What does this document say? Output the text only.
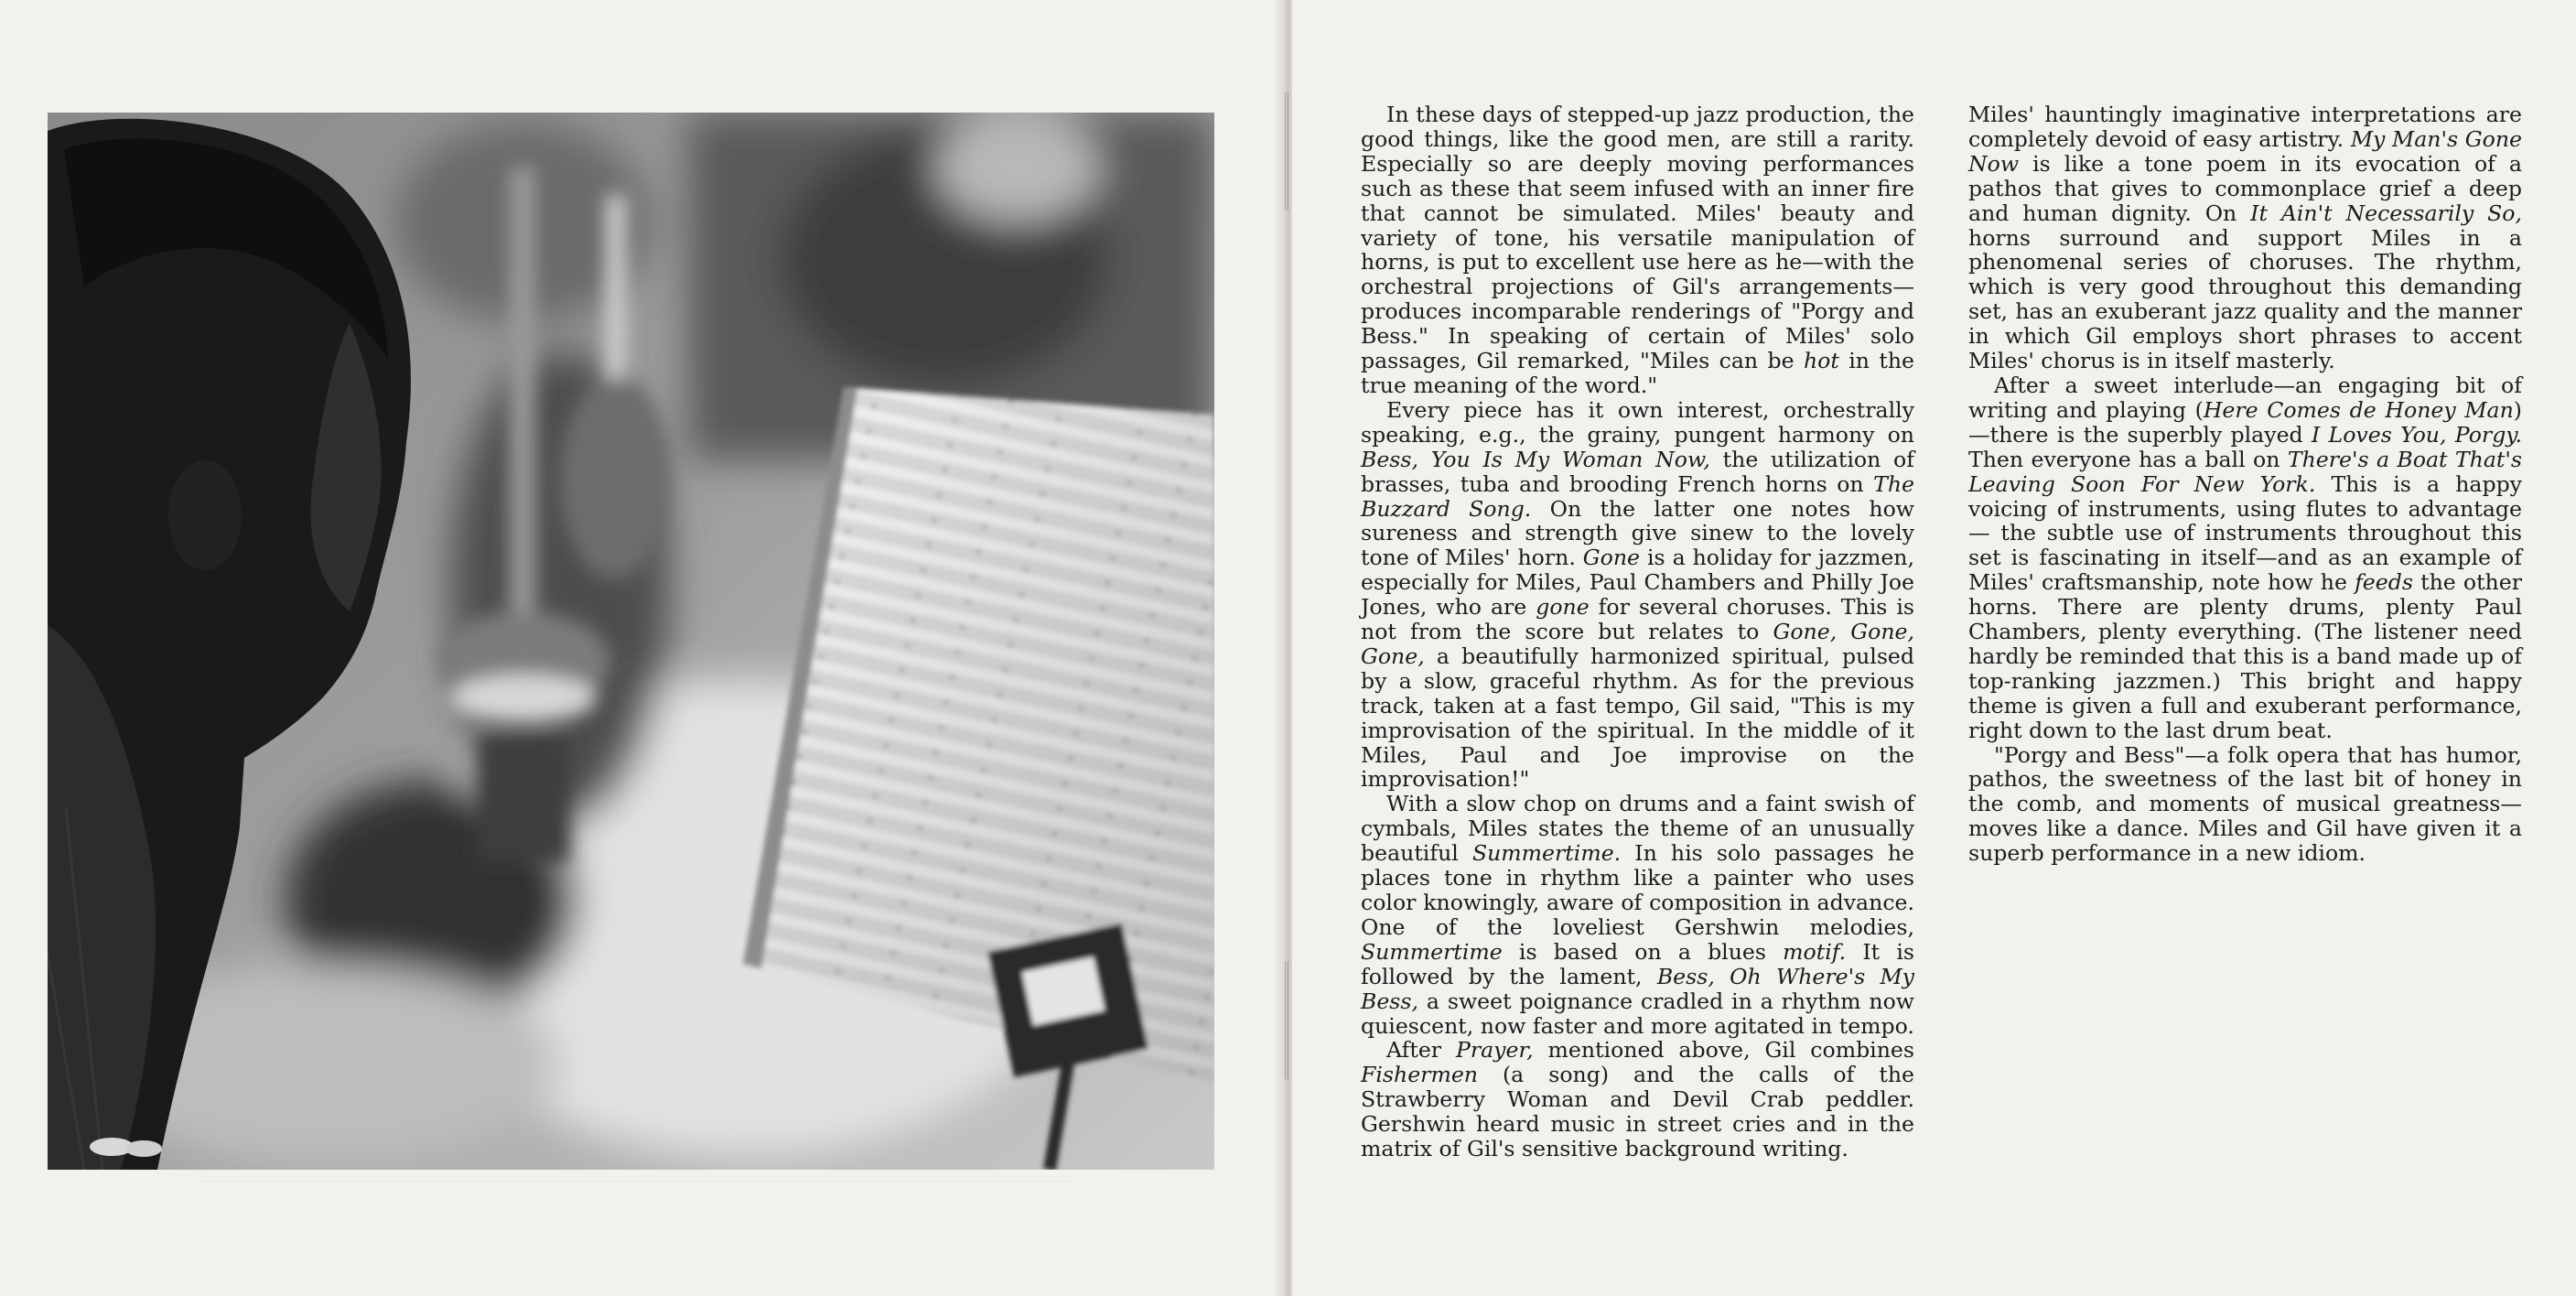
In these days of stepped-up jazz production, the good things, like the good men, are still a rarity. Especially so are deeply moving performances such as these that seem infused with an inner fire that cannot be simulated. Miles' beauty and variety of tone, his versatile manipulation of horns, is put to excellent use here as he—with the orchestral projections of Gil's arrangements—produces incomparable renderings of "Porgy and Bess." In speaking of certain of Miles' solo passages, Gil remarked, "Miles can be hot in the true meaning of the word."

Every piece has it own interest, orchestrally speaking, e.g., the grainy, pungent harmony on Bess, You Is My Woman Now, the utilization of brasses, tuba and brooding French horns on The Buzzard Song. On the latter one notes how sureness and strength give sinew to the lovely tone of Miles' horn. Gone is a holiday for jazzmen, especially for Miles, Paul Chambers and Philly Joe Jones, who are gone for several choruses. This is not from the score but relates to Gone, Gone, Gone, a beautifully harmonized spiritual, pulsed by a slow, graceful rhythm. As for the previous track, taken at a fast tempo, Gil said, "This is my improvisation of the spiritual. In the middle of it Miles, Paul and Joe improvise on the improvisation!"

With a slow chop on drums and a faint swish of cymbals, Miles states the theme of an unusually beautiful Summertime. In his solo passages he places tone in rhythm like a painter who uses color knowingly, aware of composition in advance. One of the loveliest Gershwin melodies, Summertime is based on a blues motif. It is followed by the lament, Bess, Oh Where's My Bess, a sweet poignance cradled in a rhythm now quiescent, now faster and more agitated in tempo.

After Prayer, mentioned above, Gil combines Fishermen (a song) and the calls of the Strawberry Woman and Devil Crab peddler. Gershwin heard music in street cries and in the matrix of Gil's sensitive background writing.

Miles' hauntingly imaginative interpretations are completely devoid of easy artistry. My Man's Gone Now is like a tone poem in its evocation of a pathos that gives to commonplace grief a deep and human dignity. On It Ain't Necessarily So, horns surround and support Miles in a phenomenal series of choruses. The rhythm, which is very good throughout this demanding set, has an exuberant jazz quality and the manner in which Gil employs short phrases to accent Miles' chorus is in itself masterly.

After a sweet interlude—an engaging bit of writing and playing (Here Comes de Honey Man)—there is the superbly played I Loves You, Porgy. Then everyone has a ball on There's a Boat That's Leaving Soon For New York. This is a happy voicing of instruments, using flutes to advantage — the subtle use of instruments throughout this set is fascinating in itself—and as an example of Miles' craftsmanship, note how he feeds the other horns. There are plenty drums, plenty Paul Chambers, plenty everything. (The listener need hardly be reminded that this is a band made up of top-ranking jazzmen.) This bright and happy theme is given a full and exuberant performance, right down to the last drum beat.

"Porgy and Bess"—a folk opera that has humor, pathos, the sweetness of the last bit of honey in the comb, and moments of musical greatness—moves like a dance. Miles and Gil have given it a superb performance in a new idiom.
